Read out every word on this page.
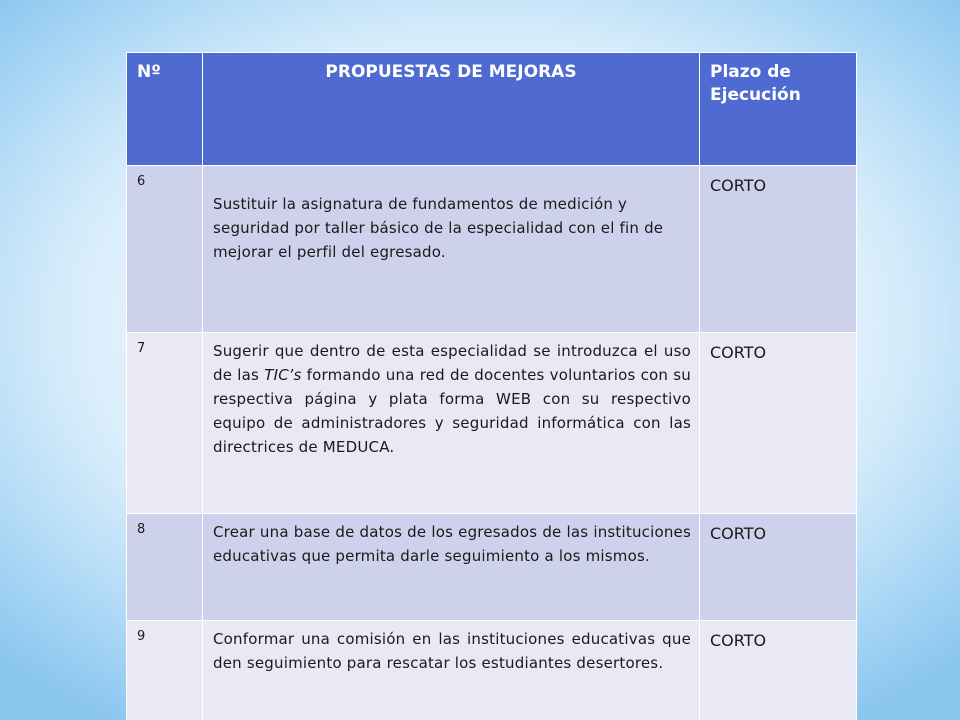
Nº	PROPUESTAS DE MEJORAS	Plazo de Ejecución
6	Sustituir la asignatura de fundamentos de medición y seguridad por taller básico de la especialidad con el fin de mejorar el perfil del egresado.	CORTO
7	Sugerir que dentro de esta especialidad se introduzca el uso de las TIC’s formando una red de docentes voluntarios con su respectiva página y plata forma WEB con su respectivo equipo de administradores y seguridad informática con las directrices de MEDUCA.	CORTO
8	Crear una base de datos de los egresados de las instituciones educativas que permita darle seguimiento a los mismos.	CORTO
9	Conformar una comisión en las instituciones educativas que den seguimiento para rescatar los estudiantes desertores.	CORTO
